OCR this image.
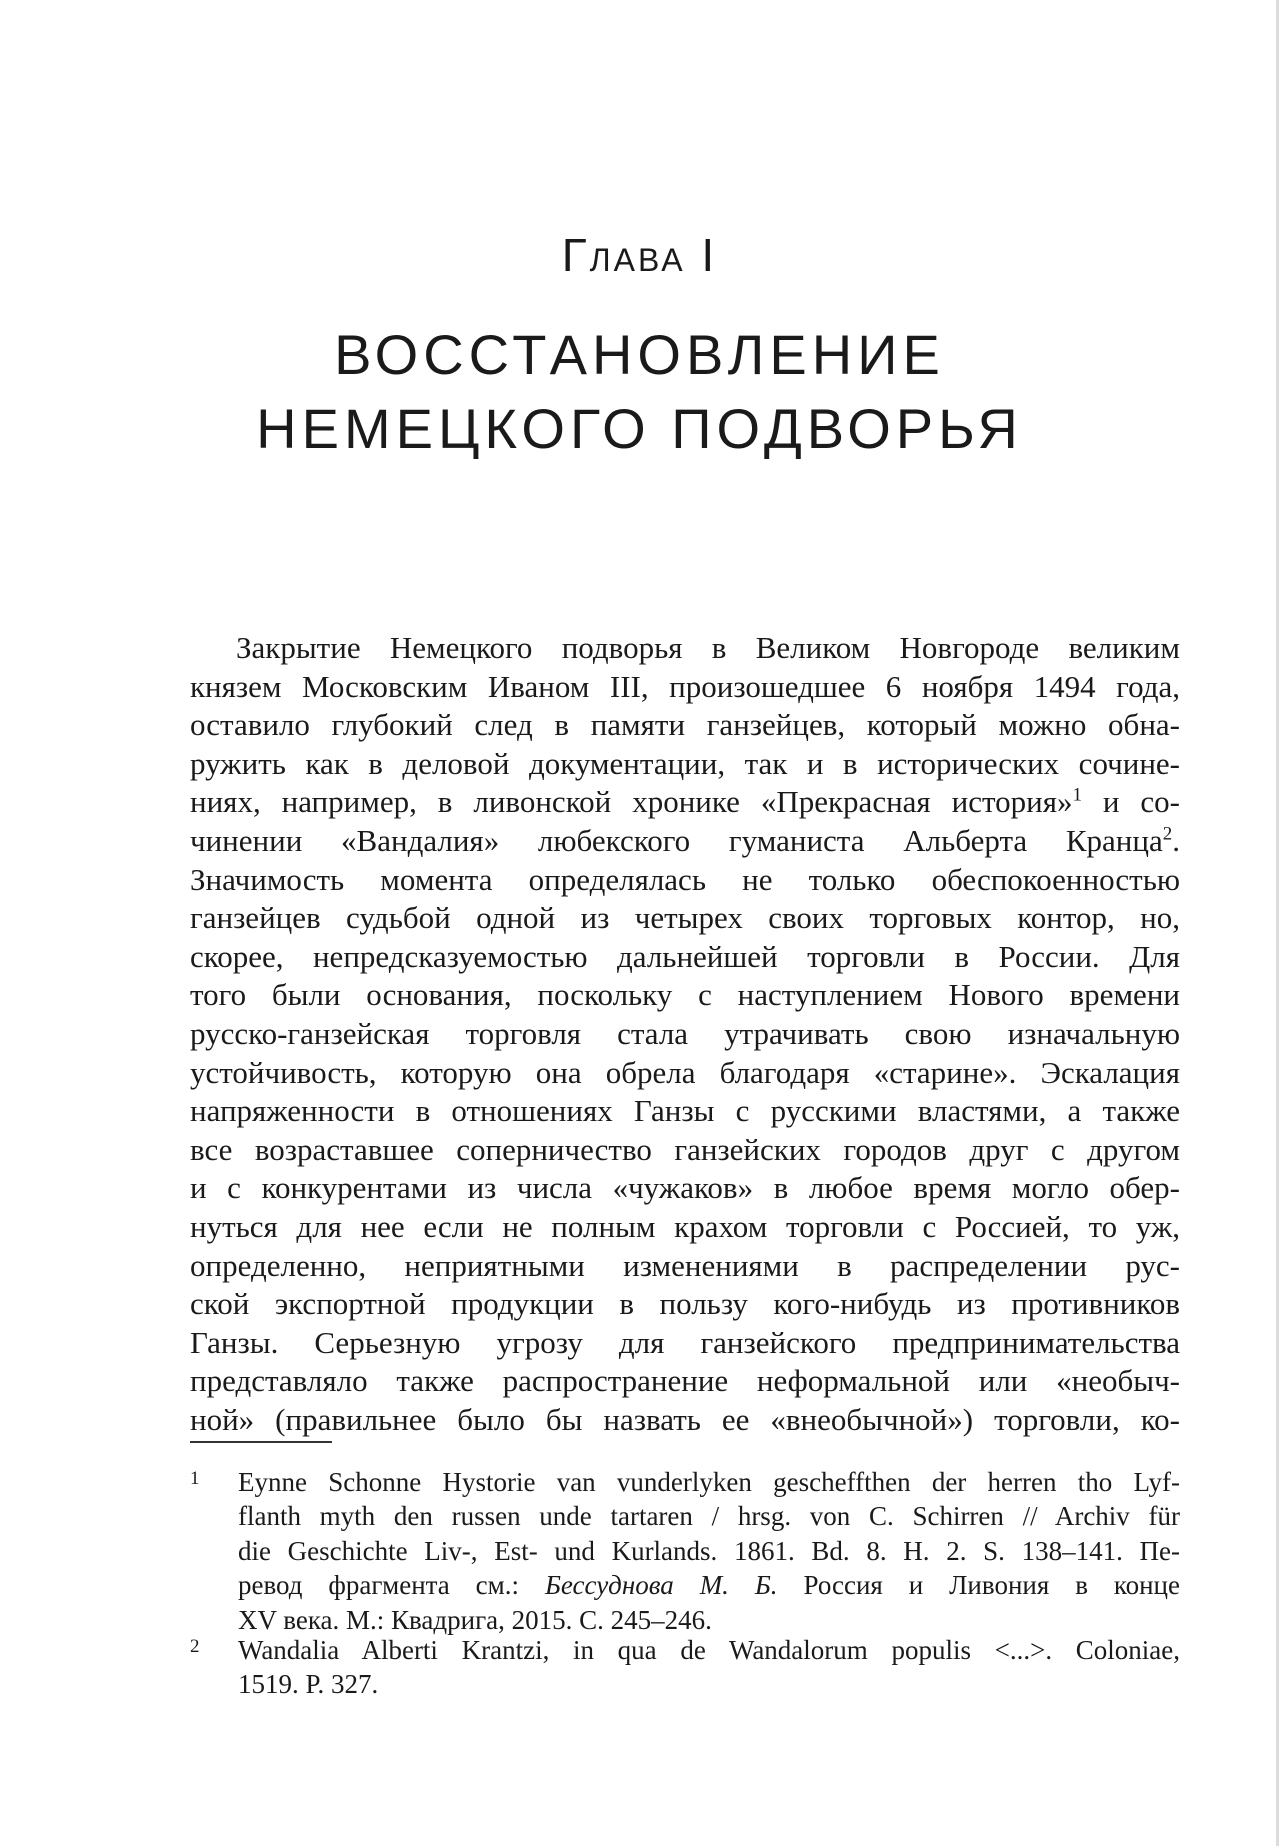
Глава I
ВОССТАНОВЛЕНИЕ
НЕМЕЦКОГО ПОДВОРЬЯ
Закрытие Немецкого подворья в Великом Новгороде великим
князем Московским Иваном III, произошедшее 6 ноября 1494 года,
оставило глубокий след в памяти ганзейцев, который можно обна-
ружить как в деловой документации, так и в исторических сочине-
ниях, например, в ливонской хронике «Прекрасная история»$^1$ и со-
чинении «Вандалия» любекского гуманиста Альберта Кранца$^2$.
Значимость момента определялась не только обеспокоенностью
ганзейцев судьбой одной из четырех своих торговых контор, но,
скорее, непредсказуемостью дальнейшей торговли в России. Для
того были основания, поскольку с наступлением Нового времени
русско-ганзейская торговля стала утрачивать свою изначальную
устойчивость, которую она обрела благодаря «старине». Эскалация
напряженности в отношениях Ганзы с русскими властями, а также
все возраставшее соперничество ганзейских городов друг с другом
и с конкурентами из числа «чужаков» в любое время могло обер-
нуться для нее если не полным крахом торговли с Россией, то уж,
определенно, неприятными изменениями в распределении рус-
ской экспортной продукции в пользу кого-нибудь из противников
Ганзы. Серьезную угрозу для ганзейского предпринимательства
представляло также распространение неформальной или «необыч-
ной» (правильнее было бы назвать ее «внеобычной») торговли, ко-
1 Eynne Schonne Hystorie van vunderlyken gescheffthen der herren tho Lyf-
flanth myth den russen unde tartaren / hrsg. von C. Schirren // Archiv für
die Geschichte Liv-, Est- und Kurlands. 1861. Bd. 8. H. 2. S. 138–141. Пе-
ревод фрагмента см.: Бессуднова М. Б. Россия и Ливония в конце
XV века. М.: Квадрига, 2015. С. 245–246.
2 Wandalia Alberti Krantzi, in qua de Wandalorum populis <...>. Coloniae,
1519. P. 327.
